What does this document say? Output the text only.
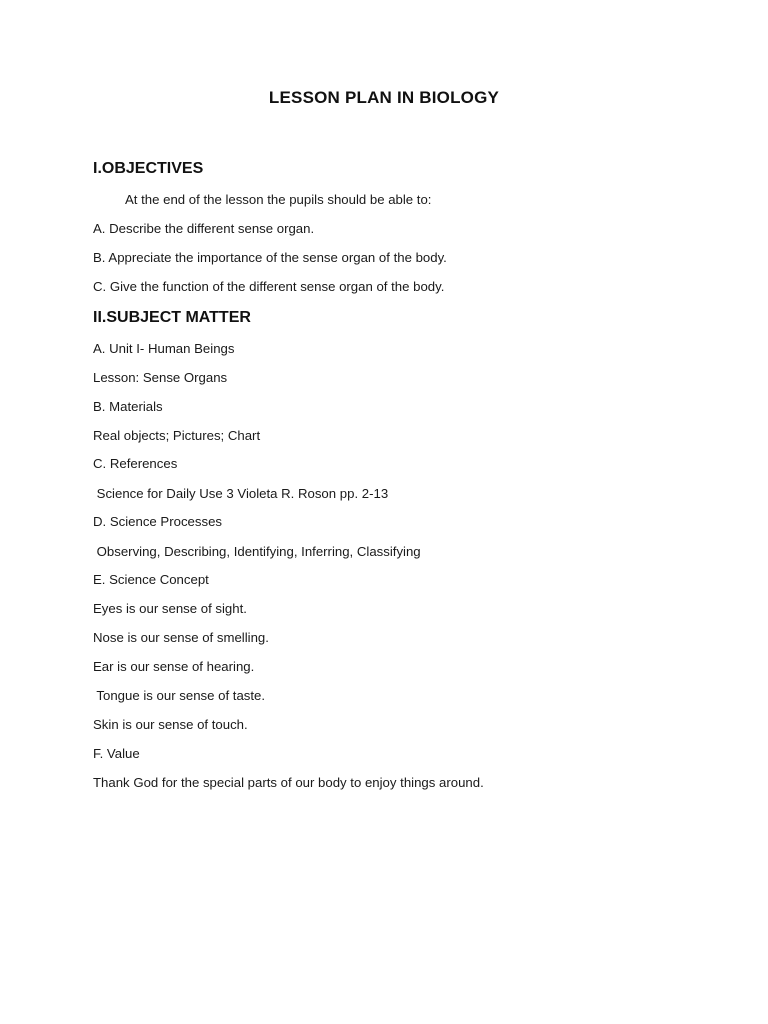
LESSON PLAN IN BIOLOGY
I.OBJECTIVES
At the end of the lesson the pupils should be able to:
A. Describe the different sense organ.
B. Appreciate the importance of the sense organ of the body.
C. Give the function of the different sense organ of the body.
II.SUBJECT MATTER
A. Unit I- Human Beings
Lesson: Sense Organs
B. Materials
Real objects; Pictures; Chart
C. References
Science for Daily Use 3 Violeta R. Roson pp. 2-13
D. Science Processes
Observing, Describing, Identifying, Inferring, Classifying
E. Science Concept
Eyes is our sense of sight.
Nose is our sense of smelling.
Ear is our sense of hearing.
Tongue is our sense of taste.
Skin is our sense of touch.
F. Value
Thank God for the special parts of our body to enjoy things around.
